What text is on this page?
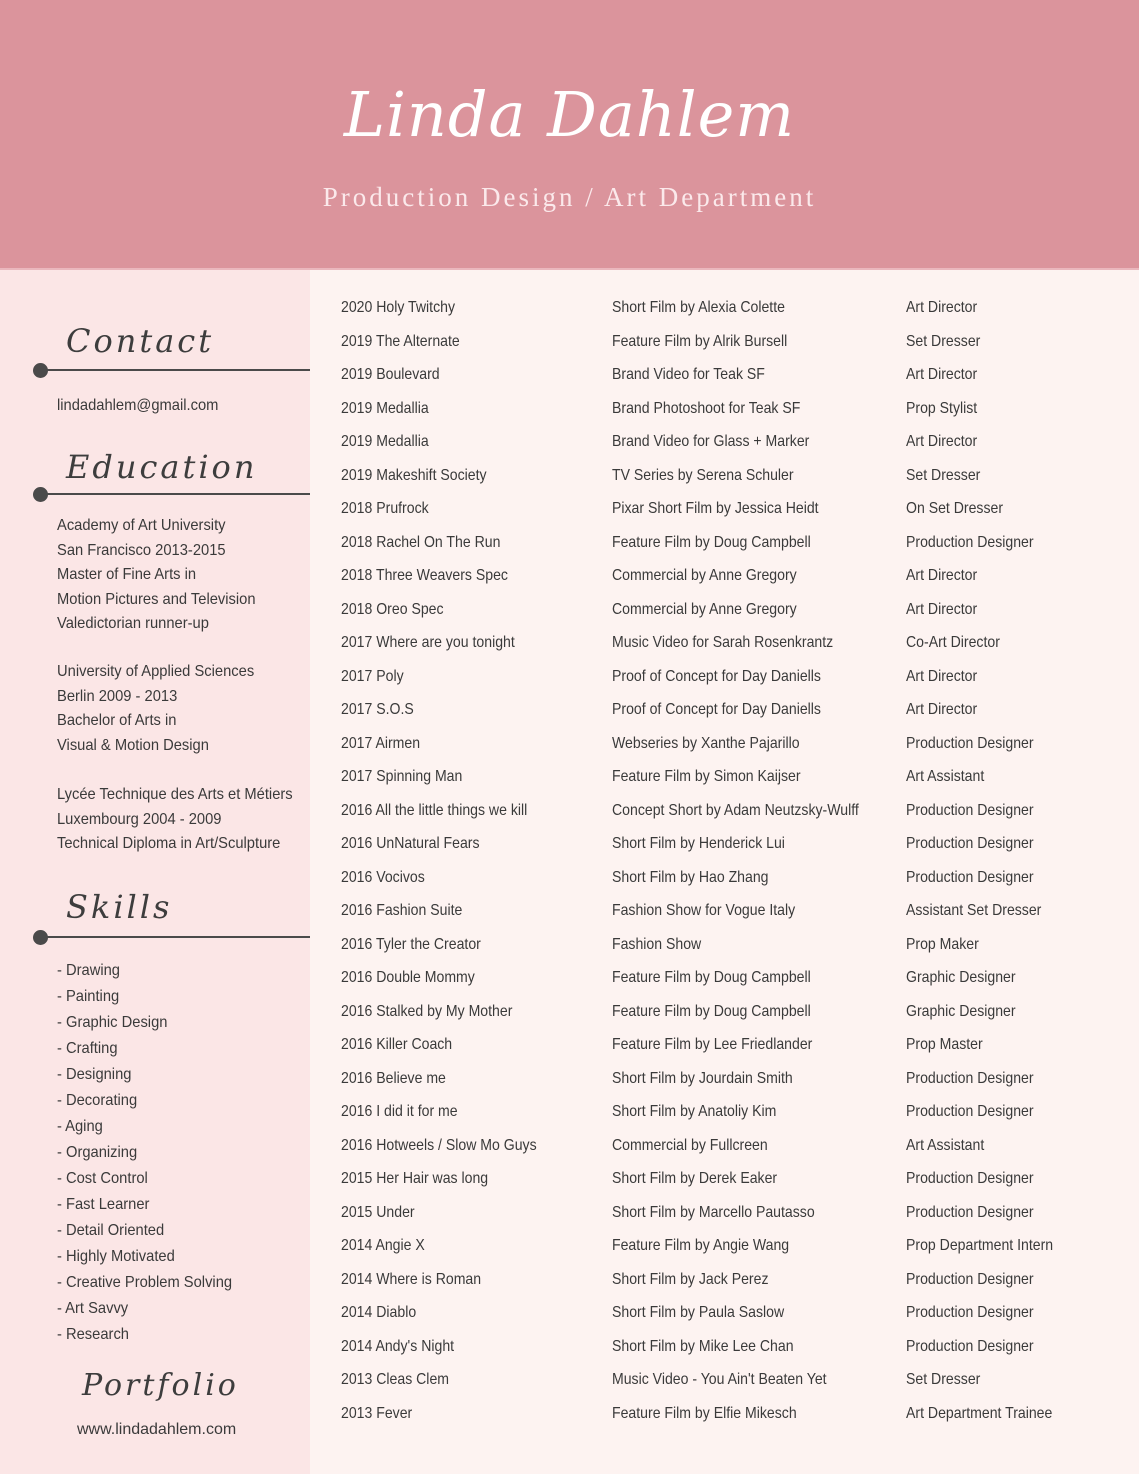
Linda Dahlem
Production Design / Art Department
Contact
lindadahlem@gmail.com
Education
Academy of Art University
San Francisco 2013-2015
Master of Fine Arts in
Motion Pictures and Television
Valedictorian runner-up
University of Applied Sciences
Berlin 2009 - 2013
Bachelor of Arts in
Visual & Motion Design
Lycée Technique des Arts et Métiers
Luxembourg 2004 - 2009
Technical Diploma in Art/Sculpture
Skills
- Drawing
- Painting
- Graphic Design
- Crafting
- Designing
- Decorating
- Aging
- Organizing
- Cost Control
- Fast Learner
- Detail Oriented
- Highly Motivated
- Creative Problem Solving
- Art Savvy
- Research
Portfolio
www.lindadahlem.com
2020 Holy Twitchy	Short Film by Alexia Colette	Art Director
2019 The Alternate	Feature Film by Alrik Bursell	Set Dresser
2019 Boulevard	Brand Video for Teak SF	Art Director
2019 Medallia	Brand Photoshoot for Teak SF	Prop Stylist
2019 Medallia	Brand Video for Glass + Marker	Art Director
2019 Makeshift Society	TV Series by Serena Schuler	Set Dresser
2018 Prufrock	Pixar Short Film by Jessica Heidt	On Set Dresser
2018 Rachel On The Run	Feature Film by Doug Campbell	Production Designer
2018 Three Weavers Spec	Commercial by Anne Gregory	Art Director
2018 Oreo Spec	Commercial by Anne Gregory	Art Director
2017 Where are you tonight	Music Video for Sarah Rosenkrantz	Co-Art Director
2017 Poly	Proof of Concept for Day Daniells	Art Director
2017 S.O.S	Proof of Concept for Day Daniells	Art Director
2017 Airmen	Webseries by Xanthe Pajarillo	Production Designer
2017 Spinning Man	Feature Film by Simon Kaijser	Art Assistant
2016 All the little things we kill	Concept Short by Adam Neutzsky-Wulff	Production Designer
2016 UnNatural Fears	Short Film by Henderick Lui	Production Designer
2016 Vocivos	Short Film by Hao Zhang	Production Designer
2016 Fashion Suite	Fashion Show for Vogue Italy	Assistant Set Dresser
2016 Tyler the Creator	Fashion Show	Prop Maker
2016 Double Mommy	Feature Film by Doug Campbell	Graphic Designer
2016 Stalked by My Mother	Feature Film by Doug Campbell	Graphic Designer
2016 Killer Coach	Feature Film by Lee Friedlander	Prop Master
2016 Believe me	Short Film by Jourdain Smith	Production Designer
2016 I did it for me	Short Film by Anatoliy Kim	Production Designer
2016 Hotweels / Slow Mo Guys	Commercial by Fullcreen	Art Assistant
2015 Her Hair was long	Short Film by Derek Eaker	Production Designer
2015 Under	Short Film by Marcello Pautasso	Production Designer
2014 Angie X	Feature Film by Angie Wang	Prop Department Intern
2014 Where is Roman	Short Film by Jack Perez	Production Designer
2014 Diablo	Short Film by Paula Saslow	Production Designer
2014 Andy's Night	Short Film by Mike Lee Chan	Production Designer
2013 Cleas Clem	Music Video - You Ain't Beaten Yet	Set Dresser
2013 Fever	Feature Film by Elfie Mikesch	Art Department Trainee
